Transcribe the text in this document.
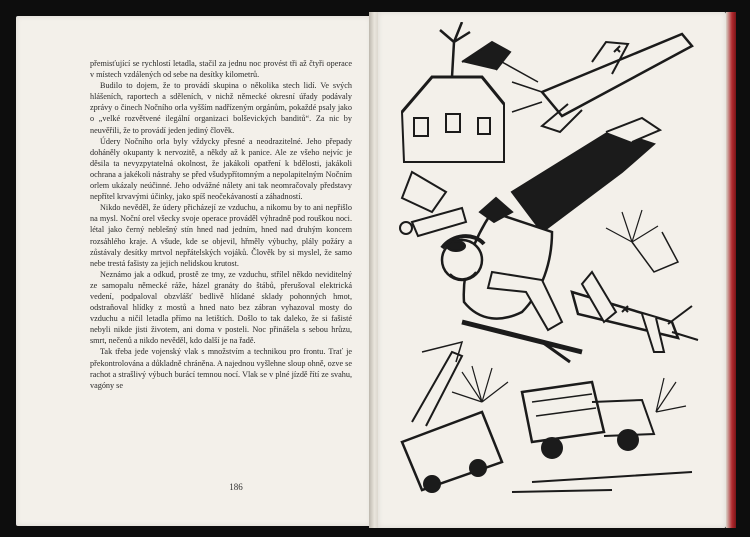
přemisťující se rychlostí letadla, stačil za jednu noc provést tři až čtyři operace v místech vzdálených od sebe na desítky kilometrů.

Budilo to dojem, že to provádí skupina o několika stech lidí. Ve svých hlášeních, raportech a sděleních, v nichž německé okresní úřady podávaly zprávy o činech Nočního orla vyšším nadřízeným orgánům, pokaždé psaly jako o „velké rozvětvené ilegální organizaci bolševických banditů“. Za nic by neuvěřili, že to provádí jeden jediný člověk.

Údery Nočního orla byly vždycky přesné a neodrazitelné. Jeho přepady doháněly okupanty k nervozitě, a někdy až k panice. Ale ze všeho nejvíc je děsila ta nevyzpytatelná okolnost, že jakákoli opatření k bdělosti, jakákoli ochrana a jakékoli nástrahy se před všudypřítomným a nepolapitelným Nočním orlem ukázaly neúčinné. Jeho odvážné nálety ani tak neomračovaly představy nepřítel krvavými účinky, jako spíš neočekávaností a záhadností.

Nikdo nevěděl, že údery přicházejí ze vzduchu, a nikomu by to ani nepřišlo na mysl. Noční orel všecky svoje operace prováděl výhradně pod rouškou noci. létal jako černý neblešný stín hned nad jedním, hned nad druhým koncem rozsáhlého kraje. A všude, kde se objevil, hřměly výbuchy, plály požáry a zůstávaly desítky mrtvol nepřátelských vojáků. Člověk by si myslel, že samo nebe trestá fašisty za jejich nelidskou krutost.

Neznámo jak a odkud, prostě ze tmy, ze vzduchu, střílel někdo neviditelný ze samopalu německé ráže, házel granáty do štábů, přerušoval elektrická vedení, podpaloval obzvlášť bedlivě hlídané sklady pohonných hmot, odstraňoval hlídky z mostů a hned nato bez zábran vyhazoval mosty do vzduchu a ničil letadla přímo na letištích. Došlo to tak daleko, že si fašisté nebyli nikde jisti životem, ani doma v posteli. Noc přinášela s sebou hrůzu, smrt, nečenů a nikdo nevěděl, kdo další je na řadě.

Tak třeba jede vojenský vlak s množstvím a technikou pro frontu. Trať je překontrolována a důkladně chráněna. A najednou vyšlehne sloup ohně, ozve se rachot a strašlivý výbuch burácí temnou nocí. Vlak se v plné jízdě řítí ze svahu, vagóny se

186
